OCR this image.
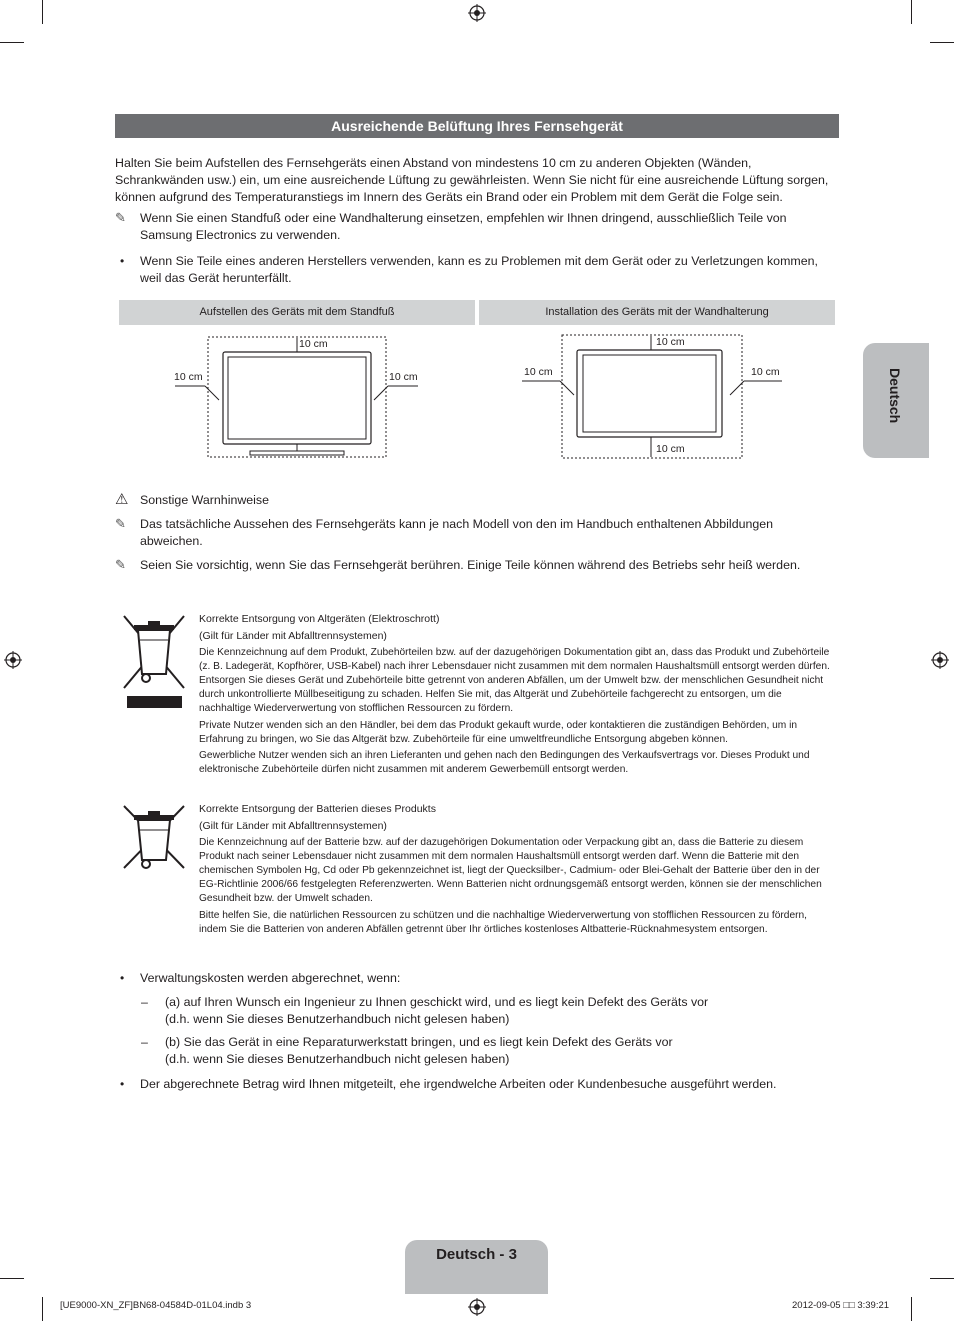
Ausreichende Belüftung Ihres Fernsehgerät
Halten Sie beim Aufstellen des Fernsehgeräts einen Abstand von mindestens 10 cm zu anderen Objekten (Wänden, Schrankwänden usw.) ein, um eine ausreichende Lüftung zu gewährleisten. Wenn Sie nicht für eine ausreichende Lüftung sorgen, können aufgrund des Temperaturanstiegs im Innern des Geräts ein Brand oder ein Problem mit dem Gerät die Folge sein.
✎ Wenn Sie einen Standfuß oder eine Wandhalterung einsetzen, empfehlen wir Ihnen dringend, ausschließlich Teile von Samsung Electronics zu verwenden.
• Wenn Sie Teile eines anderen Herstellers verwenden, kann es zu Problemen mit dem Gerät oder zu Verletzungen kommen, weil das Gerät herunterfällt.
Aufstellen des Geräts mit dem Standfuß	Installation des Geräts mit der Wandhalterung
10 cm
10 cm	10 cm
10 cm
10 cm	10 cm
10 cm
⚠ Sonstige Warnhinweise
✎ Das tatsächliche Aussehen des Fernsehgeräts kann je nach Modell von den im Handbuch enthaltenen Abbildungen abweichen.
✎ Seien Sie vorsichtig, wenn Sie das Fernsehgerät berühren. Einige Teile können während des Betriebs sehr heiß werden.
Korrekte Entsorgung von Altgeräten (Elektroschrott)
(Gilt für Länder mit Abfalltrennsystemen)
Die Kennzeichnung auf dem Produkt, Zubehörteilen bzw. auf der dazugehörigen Dokumentation gibt an, dass das Produkt und Zubehörteile (z. B. Ladegerät, Kopfhörer, USB-Kabel) nach ihrer Lebensdauer nicht zusammen mit dem normalen Haushaltsmüll entsorgt werden dürfen. Entsorgen Sie dieses Gerät und Zubehörteile bitte getrennt von anderen Abfällen, um der Umwelt bzw. der menschlichen Gesundheit nicht durch unkontrollierte Müllbeseitigung zu schaden. Helfen Sie mit, das Altgerät und Zubehörteile fachgerecht zu entsorgen, um die nachhaltige Wiederverwertung von stofflichen Ressourcen zu fördern.
Private Nutzer wenden sich an den Händler, bei dem das Produkt gekauft wurde, oder kontaktieren die zuständigen Behörden, um in Erfahrung zu bringen, wo Sie das Altgerät bzw. Zubehörteile für eine umweltfreundliche Entsorgung abgeben können.
Gewerbliche Nutzer wenden sich an ihren Lieferanten und gehen nach den Bedingungen des Verkaufsvertrags vor. Dieses Produkt und elektronische Zubehörteile dürfen nicht zusammen mit anderem Gewerbemüll entsorgt werden.
Korrekte Entsorgung der Batterien dieses Produkts
(Gilt für Länder mit Abfalltrennsystemen)
Die Kennzeichnung auf der Batterie bzw. auf der dazugehörigen Dokumentation oder Verpackung gibt an, dass die Batterie zu diesem Produkt nach seiner Lebensdauer nicht zusammen mit dem normalen Haushaltsmüll entsorgt werden darf. Wenn die Batterie mit den chemischen Symbolen Hg, Cd oder Pb gekennzeichnet ist, liegt der Quecksilber-, Cadmium- oder Blei-Gehalt der Batterie über den in der EG-Richtlinie 2006/66 festgelegten Referenzwerten. Wenn Batterien nicht ordnungsgemäß entsorgt werden, können sie der menschlichen Gesundheit bzw. der Umwelt schaden.
Bitte helfen Sie, die natürlichen Ressourcen zu schützen und die nachhaltige Wiederverwertung von stofflichen Ressourcen zu fördern, indem Sie die Batterien von anderen Abfällen getrennt über Ihr örtliches kostenloses Altbatterie-Rücknahmesystem entsorgen.
• Verwaltungskosten werden abgerechnet, wenn:
– (a) auf Ihren Wunsch ein Ingenieur zu Ihnen geschickt wird, und es liegt kein Defekt des Geräts vor
(d.h. wenn Sie dieses Benutzerhandbuch nicht gelesen haben)
– (b) Sie das Gerät in eine Reparaturwerkstatt bringen, und es liegt kein Defekt des Geräts vor
(d.h. wenn Sie dieses Benutzerhandbuch nicht gelesen haben)
• Der abgerechnete Betrag wird Ihnen mitgeteilt, ehe irgendwelche Arbeiten oder Kundenbesuche ausgeführt werden.
Deutsch
Deutsch - 3
[UE9000-XN_ZF]BN68-04584D-01L04.indb 3	2012-09-05 □□ 3:39:21
